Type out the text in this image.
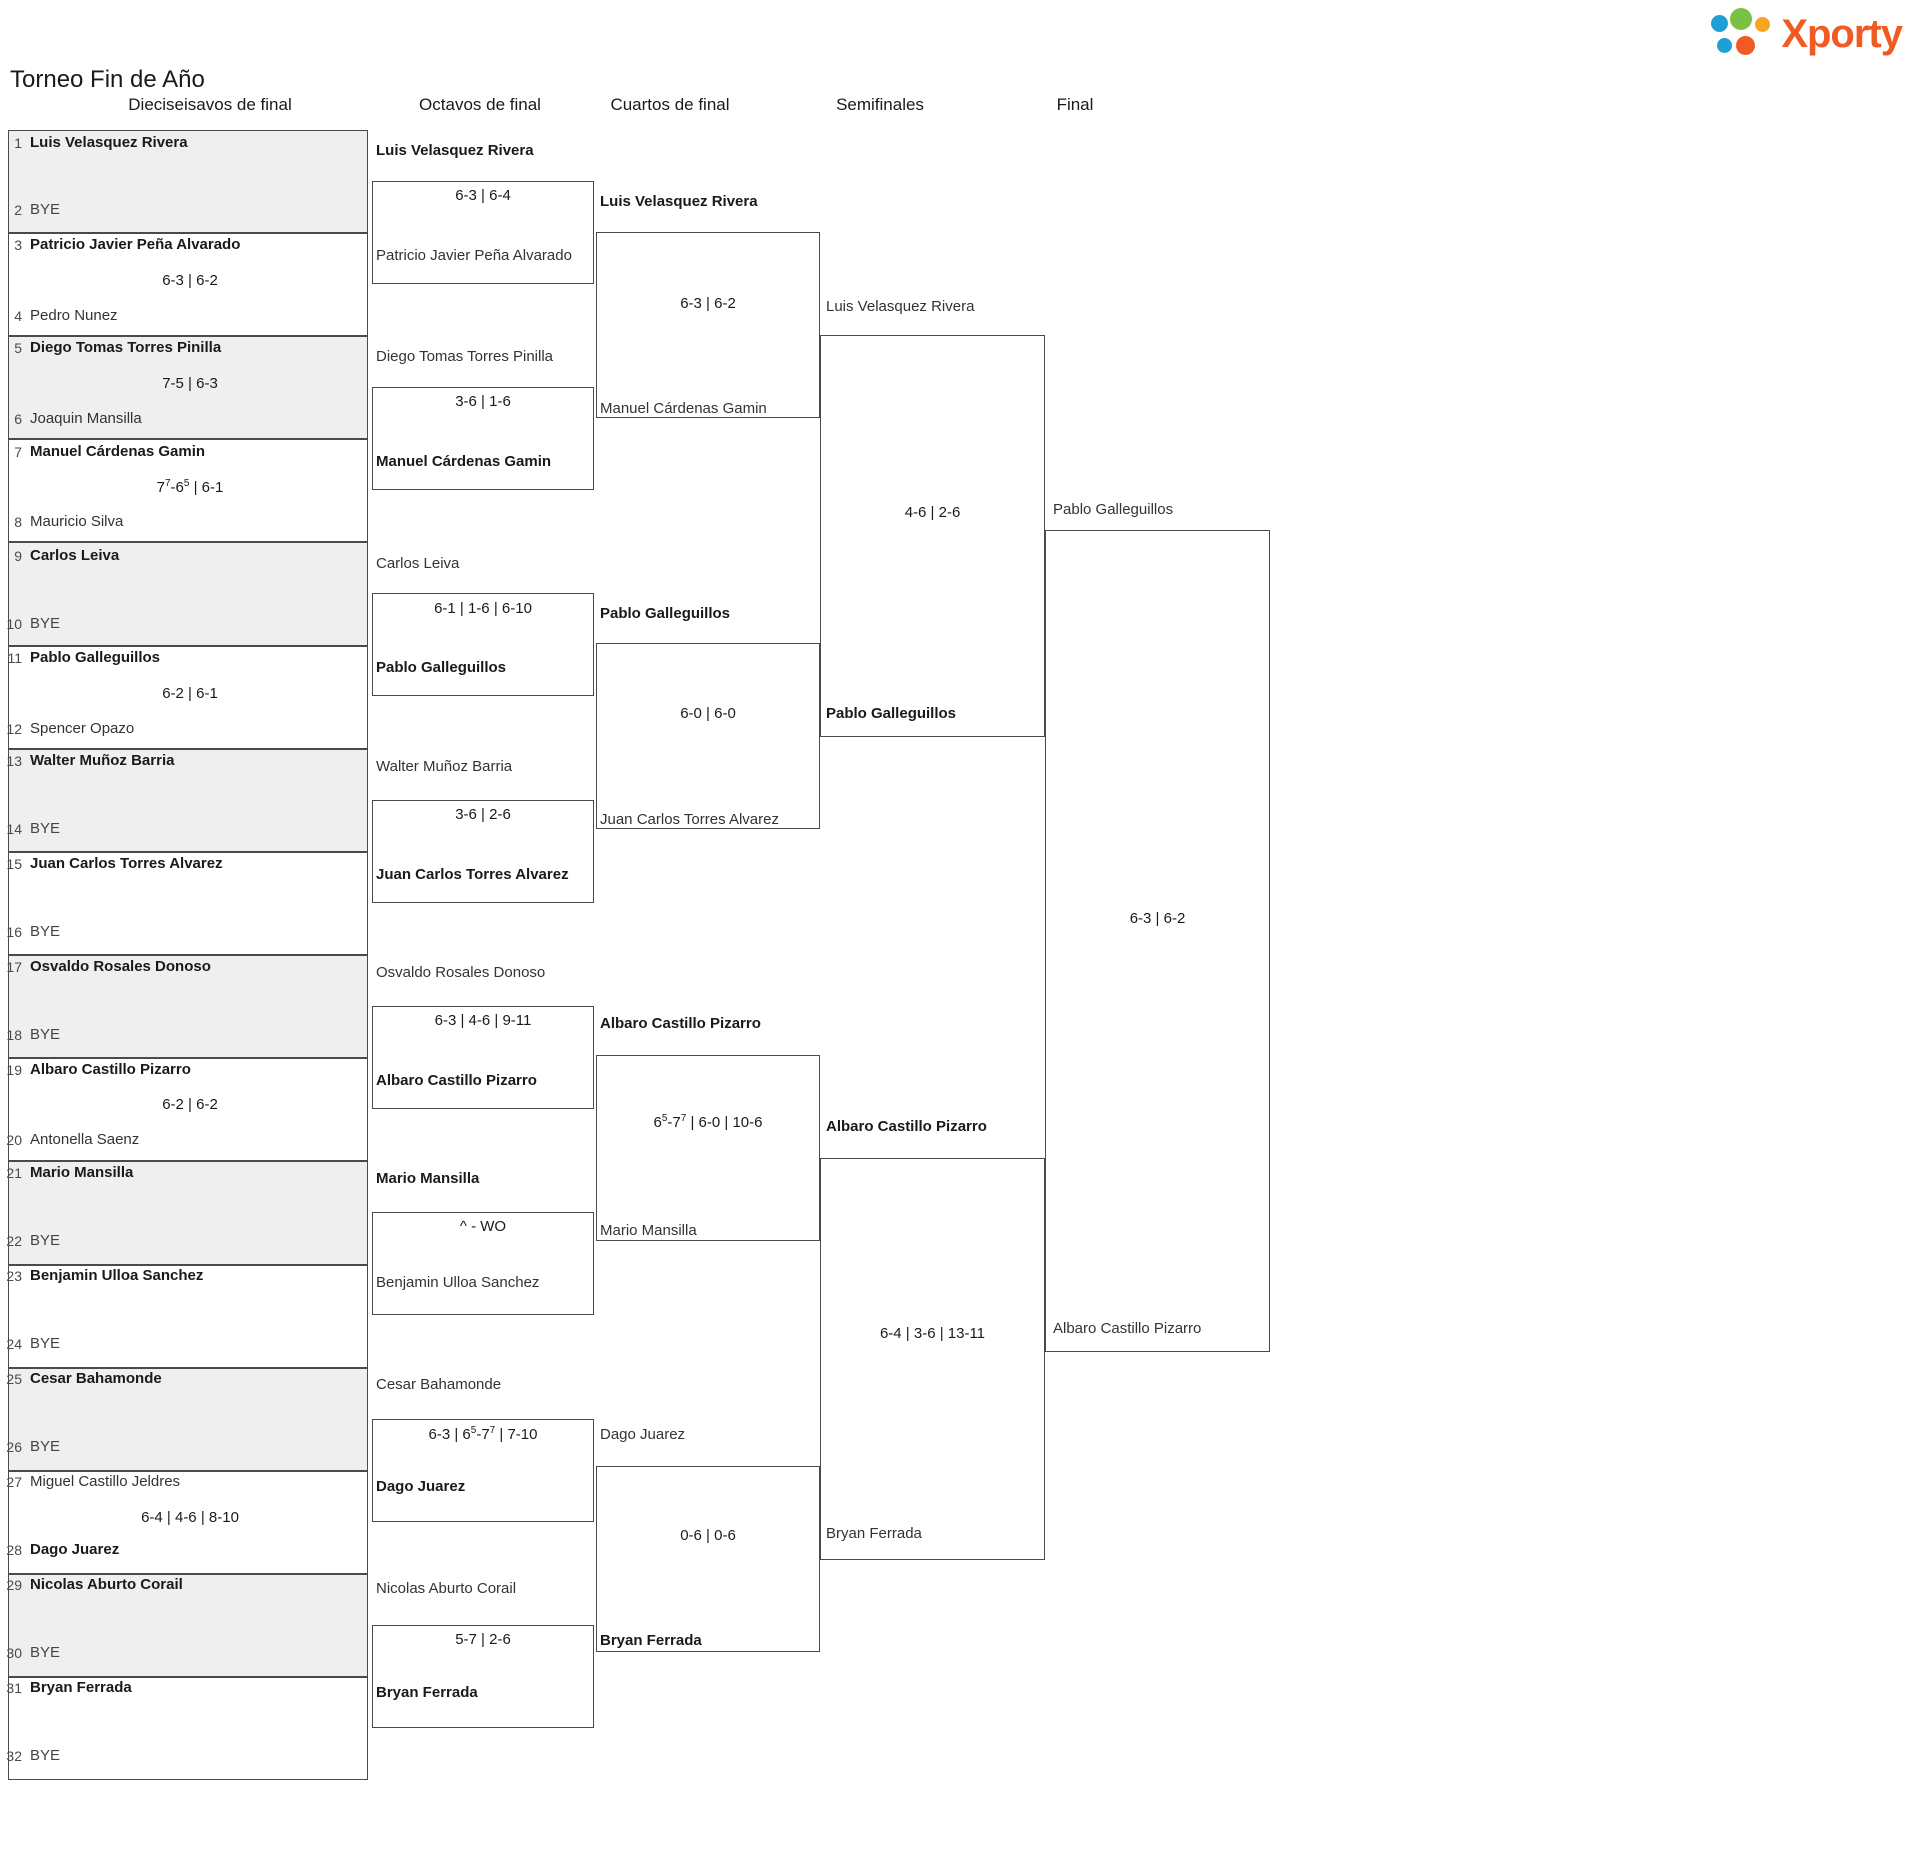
Torneo Fin de Año

Xporty
Dieciseisavos de final	Octavos de final	Cuartos de final	Semifinales	Final
1 Luis Velasquez Rivera
2 BYE
3 Patricio Javier Peña Alvarado
6-3 | 6-2
4 Pedro Nunez
5 Diego Tomas Torres Pinilla
7-5 | 6-3
6 Joaquin Mansilla
7 Manuel Cárdenas Gamin
$7^7-6^5$ | 6-1
8 Mauricio Silva
9 Carlos Leiva
10 BYE
11 Pablo Galleguillos
6-2 | 6-1
12 Spencer Opazo
13 Walter Muñoz Barria
14 BYE
15 Juan Carlos Torres Alvarez
16 BYE
17 Osvaldo Rosales Donoso
18 BYE
19 Albaro Castillo Pizarro
6-2 | 6-2
20 Antonella Saenz
21 Mario Mansilla
22 BYE
23 Benjamin Ulloa Sanchez
24 BYE
25 Cesar Bahamonde
26 BYE
27 Miguel Castillo Jeldres
6-4 | 4-6 | 8-10
28 Dago Juarez
29 Nicolas Aburto Corail
30 BYE
31 Bryan Ferrada
32 BYE
Luis Velasquez Rivera
6-3 | 6-4
Patricio Javier Peña Alvarado
Diego Tomas Torres Pinilla
3-6 | 1-6
Manuel Cárdenas Gamin
Carlos Leiva
6-1 | 1-6 | 6-10
Pablo Galleguillos
Walter Muñoz Barria
3-6 | 2-6
Juan Carlos Torres Alvarez
Osvaldo Rosales Donoso
6-3 | 4-6 | 9-11
Albaro Castillo Pizarro
Mario Mansilla
^ - WO
Benjamin Ulloa Sanchez
Cesar Bahamonde
6-3 | $6^5-7^7$ | 7-10
Dago Juarez
Nicolas Aburto Corail
5-7 | 2-6
Bryan Ferrada
Luis Velasquez Rivera
6-3 | 6-2
Manuel Cárdenas Gamin
Pablo Galleguillos
6-0 | 6-0
Juan Carlos Torres Alvarez
Albaro Castillo Pizarro
$6^5-7^7$ | 6-0 | 10-6
Mario Mansilla
Dago Juarez
0-6 | 0-6
Bryan Ferrada
Luis Velasquez Rivera
4-6 | 2-6
Pablo Galleguillos
Albaro Castillo Pizarro
6-4 | 3-6 | 13-11
Bryan Ferrada
Pablo Galleguillos
6-3 | 6-2
Albaro Castillo Pizarro
